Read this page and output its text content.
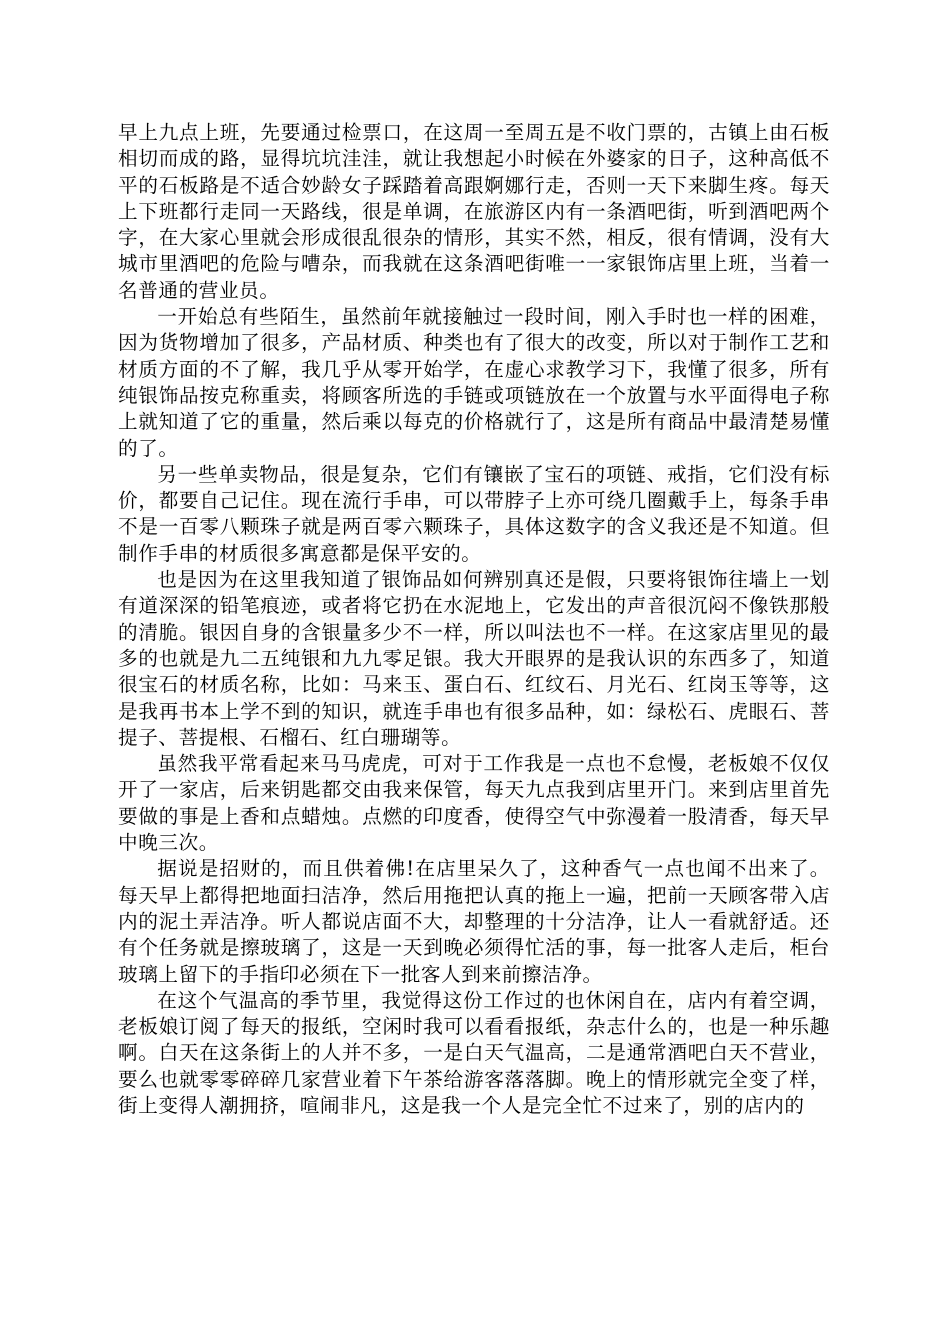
早上九点上班，先要通过检票口，在这周一至周五是不收门票的，古镇上由石板相切而成的路，显得坑坑洼洼，就让我想起小时候在外婆家的日子，这种高低不平的石板路是不适合妙龄女子踩踏着高跟婀娜行走，否则一天下来脚生疼。每天上下班都行走同一天路线，很是单调，在旅游区内有一条酒吧街，听到酒吧两个字，在大家心里就会形成很乱很杂的情形，其实不然，相反，很有情调，没有大城市里酒吧的危险与嘈杂，而我就在这条酒吧街唯一一家银饰店里上班，当着一名普通的营业员。

一开始总有些陌生，虽然前年就接触过一段时间，刚入手时也一样的困难，因为货物增加了很多，产品材质、种类也有了很大的改变，所以对于制作工艺和材质方面的不了解，我几乎从零开始学，在虚心求教学习下，我懂了很多，所有纯银饰品按克称重卖，将顾客所选的手链或项链放在一个放置与水平面得电子称上就知道了它的重量，然后乘以每克的价格就行了，这是所有商品中最清楚易懂的了。

另一些单卖物品，很是复杂，它们有镶嵌了宝石的项链、戒指，它们没有标价，都要自己记住。现在流行手串，可以带脖子上亦可绕几圈戴手上，每条手串不是一百零八颗珠子就是两百零六颗珠子，具体这数字的含义我还是不知道。但制作手串的材质很多寓意都是保平安的。

也是因为在这里我知道了银饰品如何辨别真还是假，只要将银饰往墙上一划有道深深的铅笔痕迹，或者将它扔在水泥地上，它发出的声音很沉闷不像铁那般的清脆。银因自身的含银量多少不一样，所以叫法也不一样。在这家店里见的最多的也就是九二五纯银和九九零足银。我大开眼界的是我认识的东西多了，知道很宝石的材质名称，比如：马来玉、蛋白石、红纹石、月光石、红岗玉等等，这是我再书本上学不到的知识，就连手串也有很多品种，如：绿松石、虎眼石、菩提子、菩提根、石榴石、红白珊瑚等。

虽然我平常看起来马马虎虎，可对于工作我是一点也不怠慢，老板娘不仅仅开了一家店，后来钥匙都交由我来保管，每天九点我到店里开门。来到店里首先要做的事是上香和点蜡烛。点燃的印度香，使得空气中弥漫着一股清香，每天早中晚三次。

据说是招财的，而且供着佛!在店里呆久了，这种香气一点也闻不出来了。每天早上都得把地面扫洁净，然后用拖把认真的拖上一遍，把前一天顾客带入店内的泥土弄洁净。听人都说店面不大，却整理的十分洁净，让人一看就舒适。还有个任务就是擦玻璃了，这是一天到晚必须得忙活的事，每一批客人走后，柜台玻璃上留下的手指印必须在下一批客人到来前擦洁净。

在这个气温高的季节里，我觉得这份工作过的也休闲自在，店内有着空调，老板娘订阅了每天的报纸，空闲时我可以看看报纸，杂志什么的，也是一种乐趣啊。白天在这条街上的人并不多，一是白天气温高，二是通常酒吧白天不营业，要么也就零零碎碎几家营业着下午茶给游客落落脚。晚上的情形就完全变了样，街上变得人潮拥挤，喧闹非凡，这是我一个人是完全忙不过来了，别的店内的
